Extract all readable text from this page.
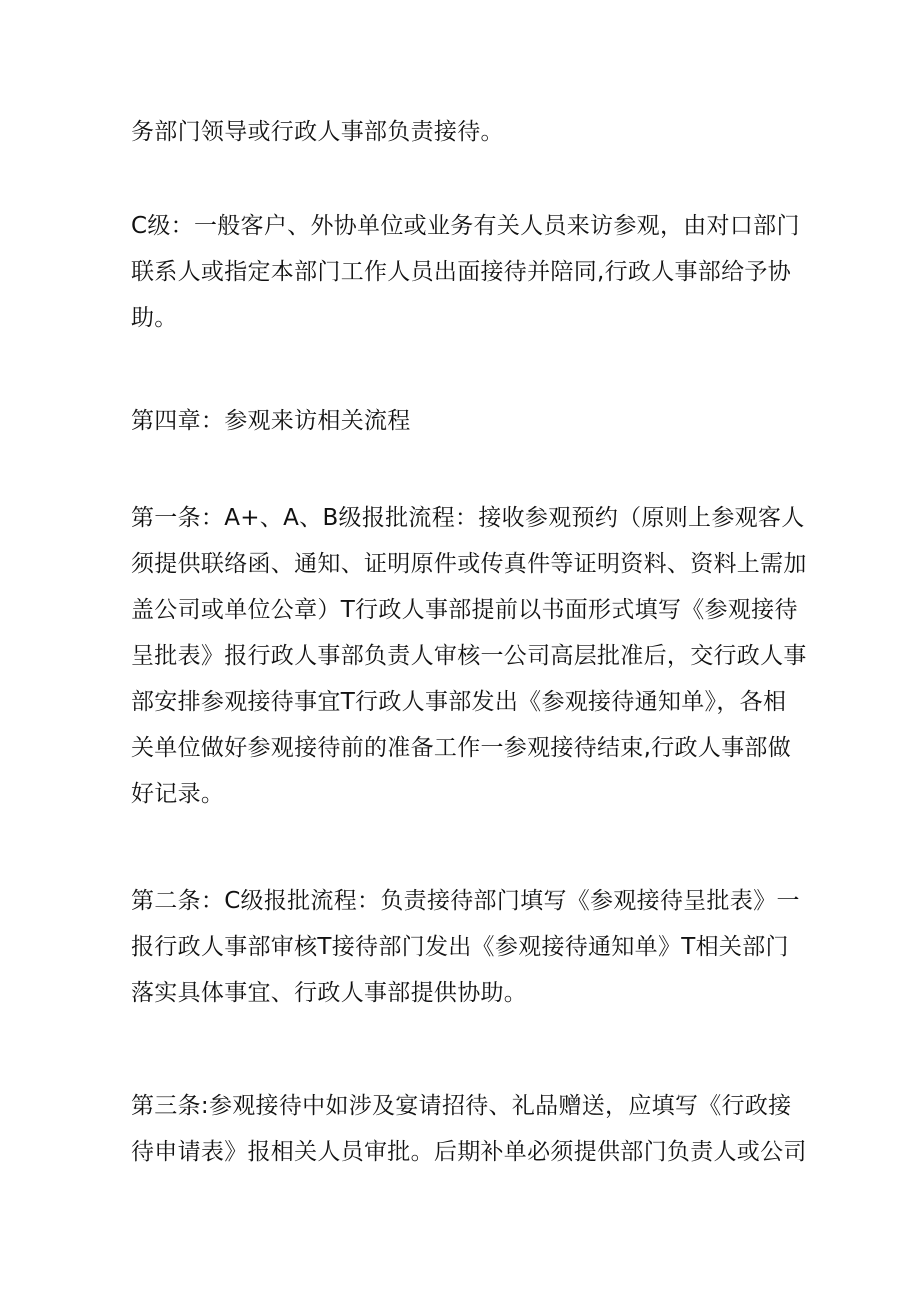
务部门领导或行政人事部负责接待。

C级：一般客户、外协单位或业务有关人员来访参观，由对口部门
联系人或指定本部门工作人员出面接待并陪同,行政人事部给予协
助。

第四章：参观来访相关流程

第一条：A+、A、B级报批流程：接收参观预约（原则上参观客人
须提供联络函、通知、证明原件或传真件等证明资料、资料上需加
盖公司或单位公章）T行政人事部提前以书面形式填写《参观接待
呈批表》报行政人事部负责人审核一公司高层批准后，交行政人事
部安排参观接待事宜T行政人事部发出《参观接待通知单》，各相
关单位做好参观接待前的准备工作一参观接待结束,行政人事部做
好记录。

第二条：C级报批流程：负责接待部门填写《参观接待呈批表》一
报行政人事部审核T接待部门发出《参观接待通知单》T相关部门
落实具体事宜、行政人事部提供协助。

第三条:参观接待中如涉及宴请招待、礼品赠送，应填写《行政接
待申请表》报相关人员审批。后期补单必须提供部门负责人或公司
